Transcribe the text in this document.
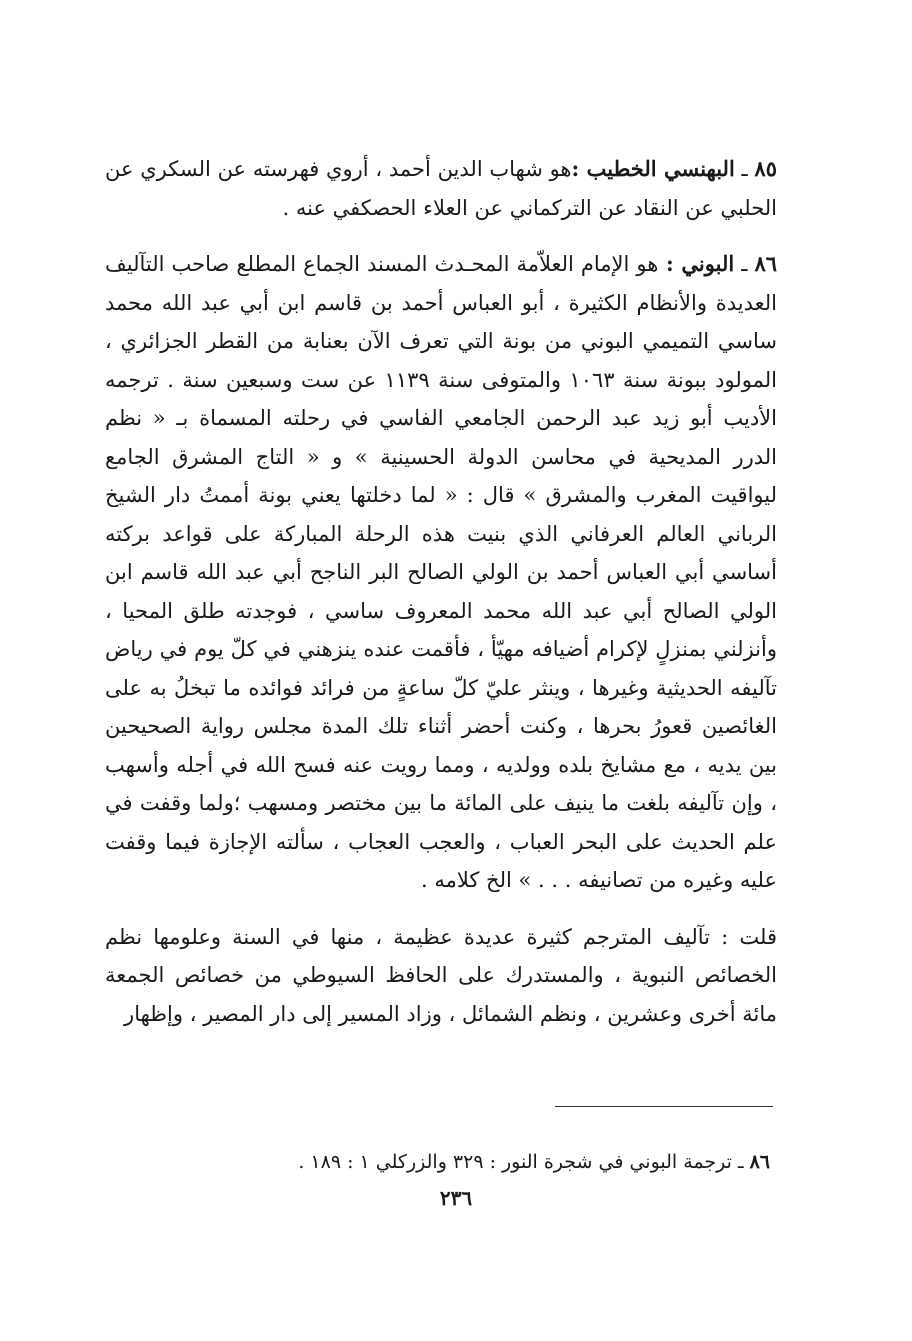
٨٥ ـ البهنسي الخطيب :هو شهاب الدين أحمد ، أروي فهرسته عن السكري عن الحلبي عن النقاد عن التركماني عن العلاء الحصكفي عنه .

٨٦ ـ البوني : هو الإمام العلاّمة المحـدث المسند الجماع المطلع صاحب التآليف العديدة والأنظام الكثيرة ، أبو العباس أحمد بن قاسم ابن أبي عبد الله محمد ساسي التميمي البوني من بونة التي تعرف الآن بعنابة من القطر الجزائري ، المولود ببونة سنة ١٠٦٣ والمتوفى سنة ١١٣٩ عن ست وسبعين سنة . ترجمه الأديب أبو زيد عبد الرحمن الجامعي الفاسي في رحلته المسماة بـ « نظم الدرر المديحية في محاسن الدولة الحسينية » و « التاج المشرق الجامع ليواقيت المغرب والمشرق » قال : « لما دخلتها يعني بونة أممتُ دار الشيخ الرباني العالم العرفاني الذي بنيت هذه الرحلة المباركة على قواعد بركته أساسي أبي العباس أحمد بن الولي الصالح البر الناجح أبي عبد الله قاسم ابن الولي الصالح أبي عبد الله محمد المعروف ساسي ، فوجدته طلق المحيا ، وأنزلني بمنزلٍ لإكرام أضيافه مهيّأ ، فأقمت عنده ينزهني في كلّ يوم في رياض تآليفه الحديثية وغيرها ، وينثر عليّ كلّ ساعةٍ من فرائد فوائده ما تبخلُ به على الغائصين قعورُ بحرها ، وكنت أحضر أثناء تلك المدة مجلس رواية الصحيحين بين يديه ، مع مشايخ بلده وولديه ، ومما رويت عنه فسح الله في أجله وأسهب ، وإن تآليفه بلغت ما ينيف على المائة ما بين مختصر ومسهب ؛ولما وقفت في علم الحديث على البحر العباب ، والعجب العجاب ، سألته الإجازة فيما وقفت عليه وغيره من تصانيفه . . . » الخ كلامه .

قلت : تآليف المترجم كثيرة عديدة عظيمة ، منها في السنة وعلومها نظم الخصائص النبوية ، والمستدرك على الحافظ السيوطي من خصائص الجمعة مائة أخرى وعشرين ، ونظم الشمائل ، وزاد المسير إلى دار المصير ، وإظهار

٨٦ ـ ترجمة البوني في شجرة النور : ٣٢٩ والزركلي ١ : ١٨٩ .

٢٣٦
